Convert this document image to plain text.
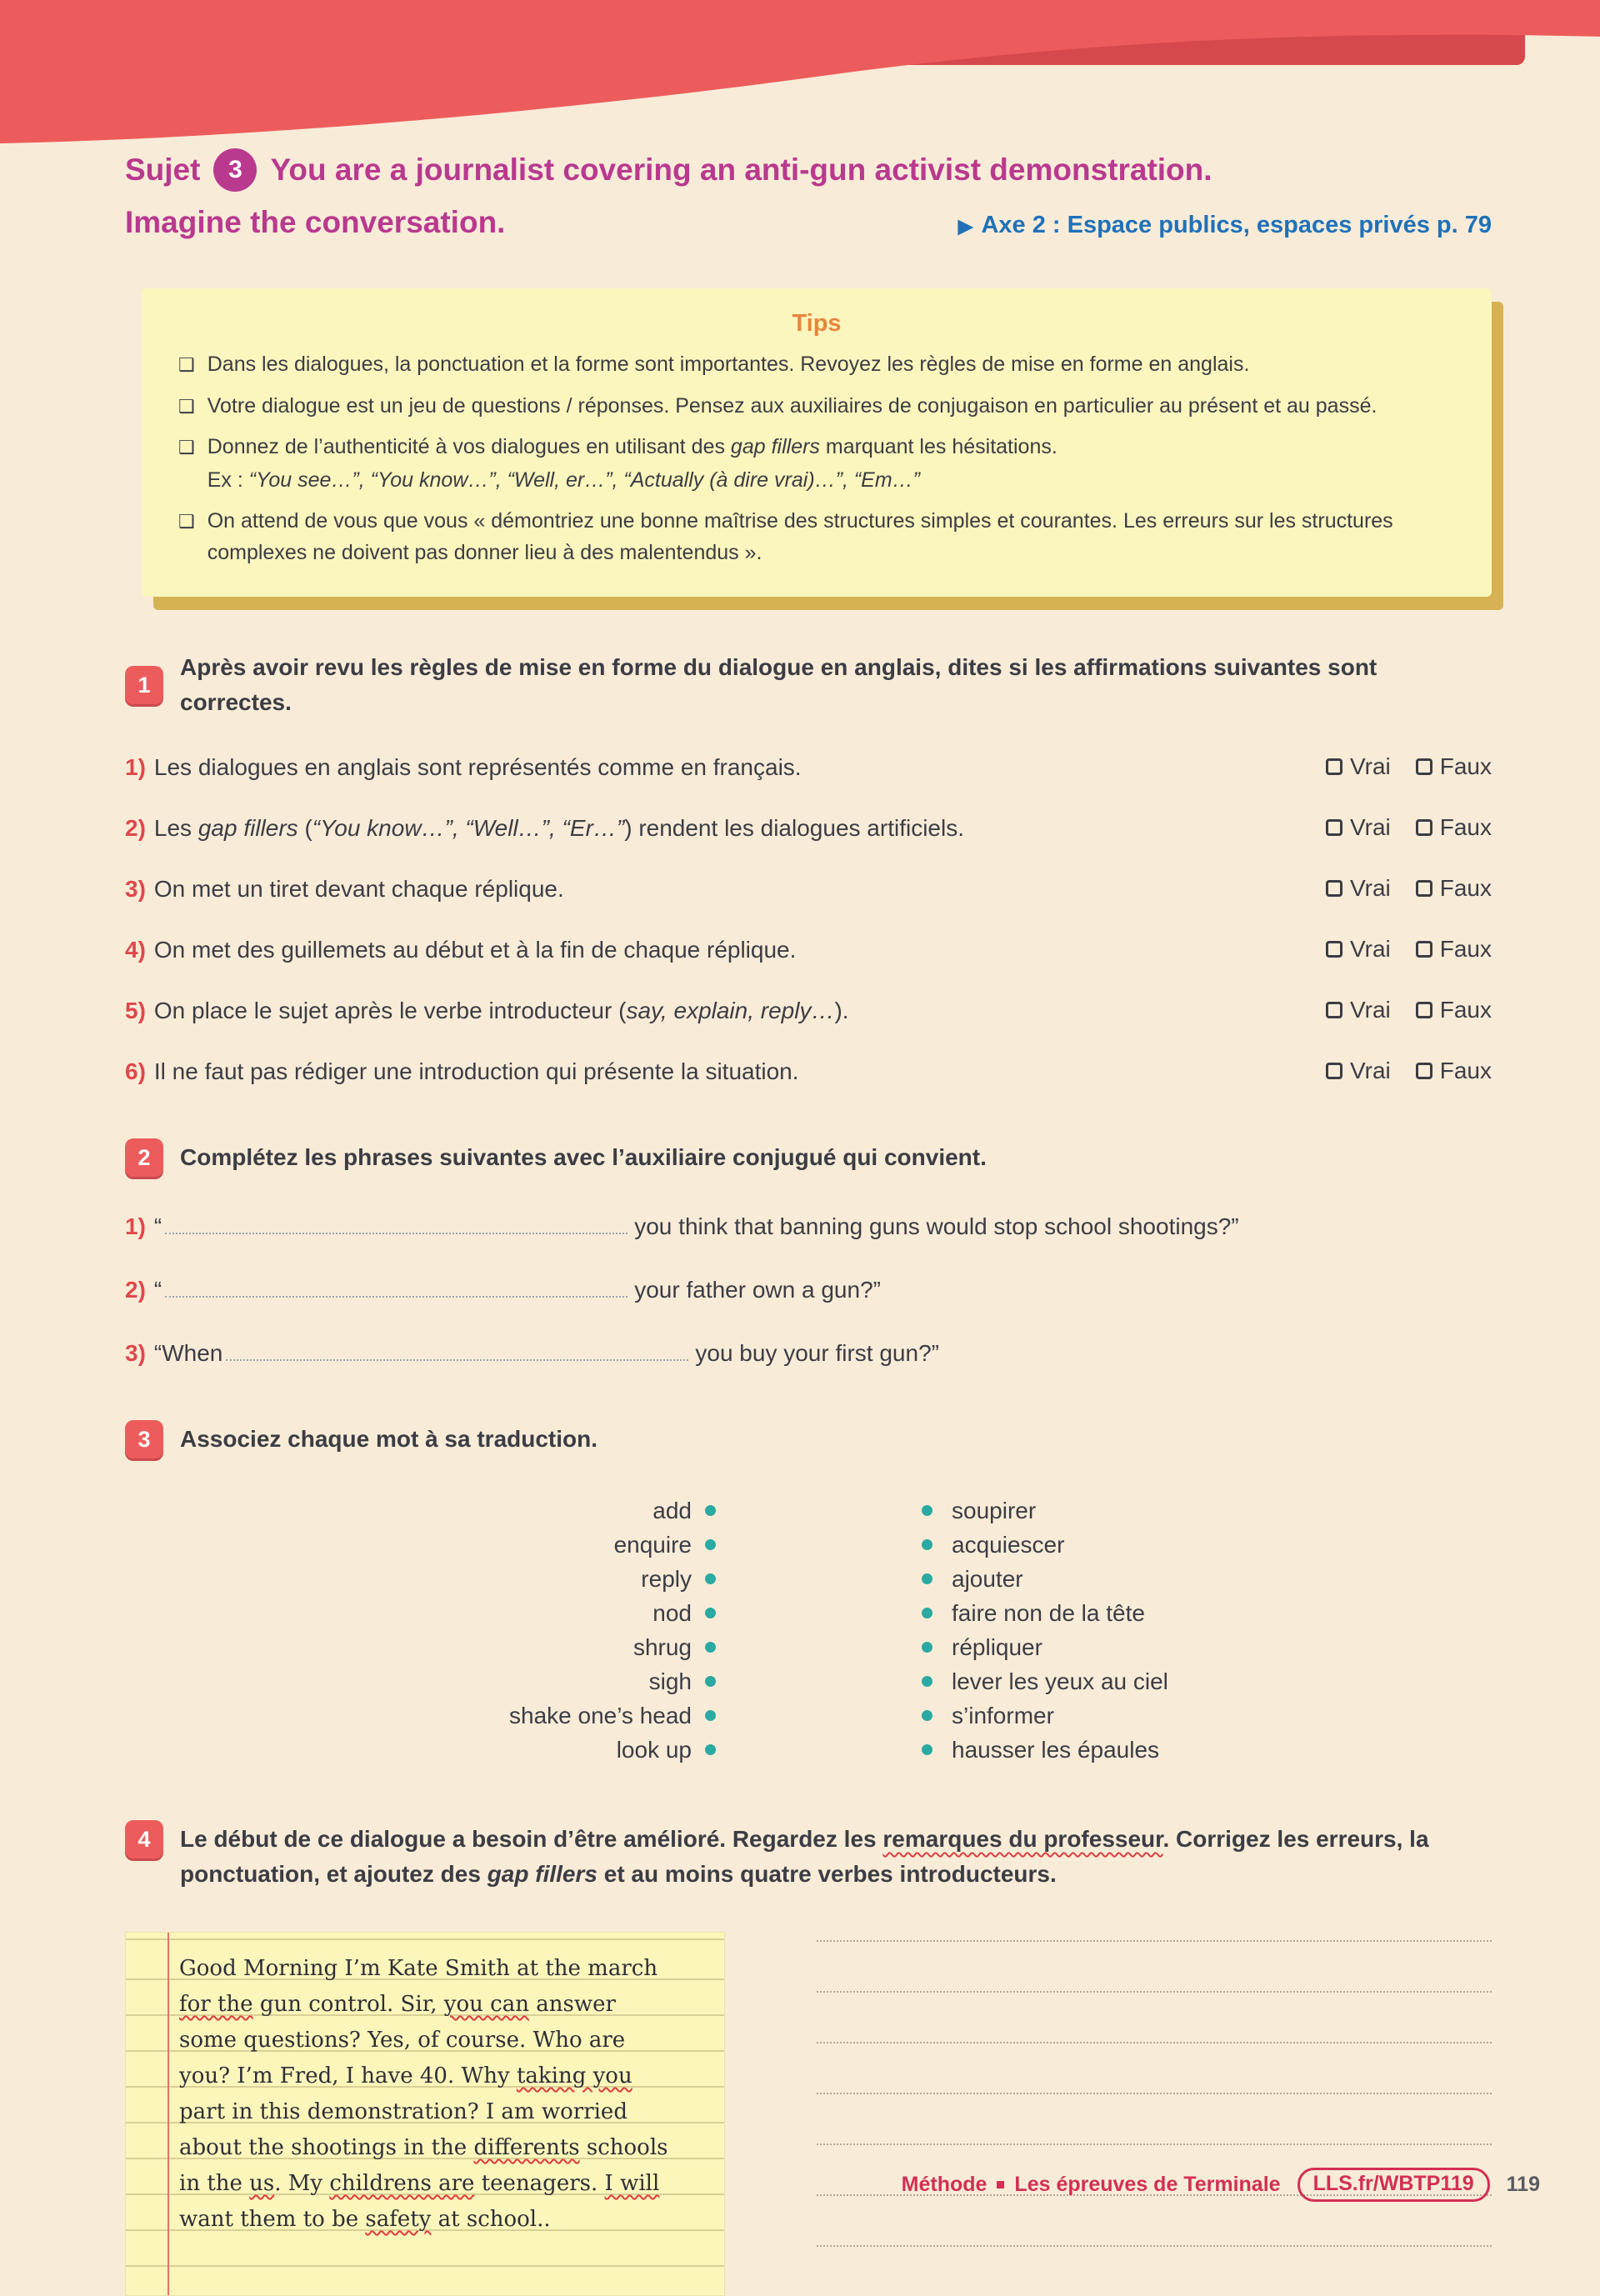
Sujet 3 You are a journalist covering an anti-gun activist demonstration.
Imagine the conversation.	▶ Axe 2 : Espace publics, espaces privés p. 79
Tips
❑ Dans les dialogues, la ponctuation et la forme sont importantes. Revoyez les règles de mise en forme en anglais.
❑ Votre dialogue est un jeu de questions / réponses. Pensez aux auxiliaires de conjugaison en particulier au présent et au passé.
❑ Donnez de l’authenticité à vos dialogues en utilisant des gap fillers marquant les hésitations.
Ex : “You see…”, “You know…”, “Well, er…”, “Actually (à dire vrai)…”, “Em…”
❑ On attend de vous que vous « démontriez une bonne maîtrise des structures simples et courantes. Les erreurs sur les structures complexes ne doivent pas donner lieu à des malentendus ».
1
Après avoir revu les règles de mise en forme du dialogue en anglais, dites si les affirmations suivantes sont correctes.
1) Les dialogues en anglais sont représentés comme en français.	Vrai Faux
2) Les gap fillers (“You know…”, “Well…”, “Er…”) rendent les dialogues artificiels.	Vrai Faux
3) On met un tiret devant chaque réplique.	Vrai Faux
4) On met des guillemets au début et à la fin de chaque réplique.	Vrai Faux
5) On place le sujet après le verbe introducteur (say, explain, reply…).	Vrai Faux
6) Il ne faut pas rédiger une introduction qui présente la situation.	Vrai Faux
2	Complétez les phrases suivantes avec l’auxiliaire conjugué qui convient.
1) “	you think that banning guns would stop school shootings?”
2) “	your father own a gun?”
3) “When	you buy your first gun?”
3	Associez chaque mot à sa traduction.
add	soupirer
enquire	acquiescer
reply	ajouter
nod	faire non de la tête
shrug	répliquer
sigh	lever les yeux au ciel
shake one’s head	s’informer
look up	hausser les épaules
4	Le début de ce dialogue a besoin d’être amélioré. Regardez les remarques du professeur. Corrigez les erreurs, la ponctuation, et ajoutez des gap fillers et au moins quatre verbes introducteurs.
Good Morning I’m Kate Smith at the march
for the gun control. Sir, you can answer
some questions? Yes, of course. Who are
you? I’m Fred, I have 40. Why taking you
part in this demonstration? I am worried
about the shootings in the differents schools
in the us. My childrens are teenagers. I will
want them to be safety at school..
Méthode Les épreuves de Terminale	LLS.fr/WBTP119	119
